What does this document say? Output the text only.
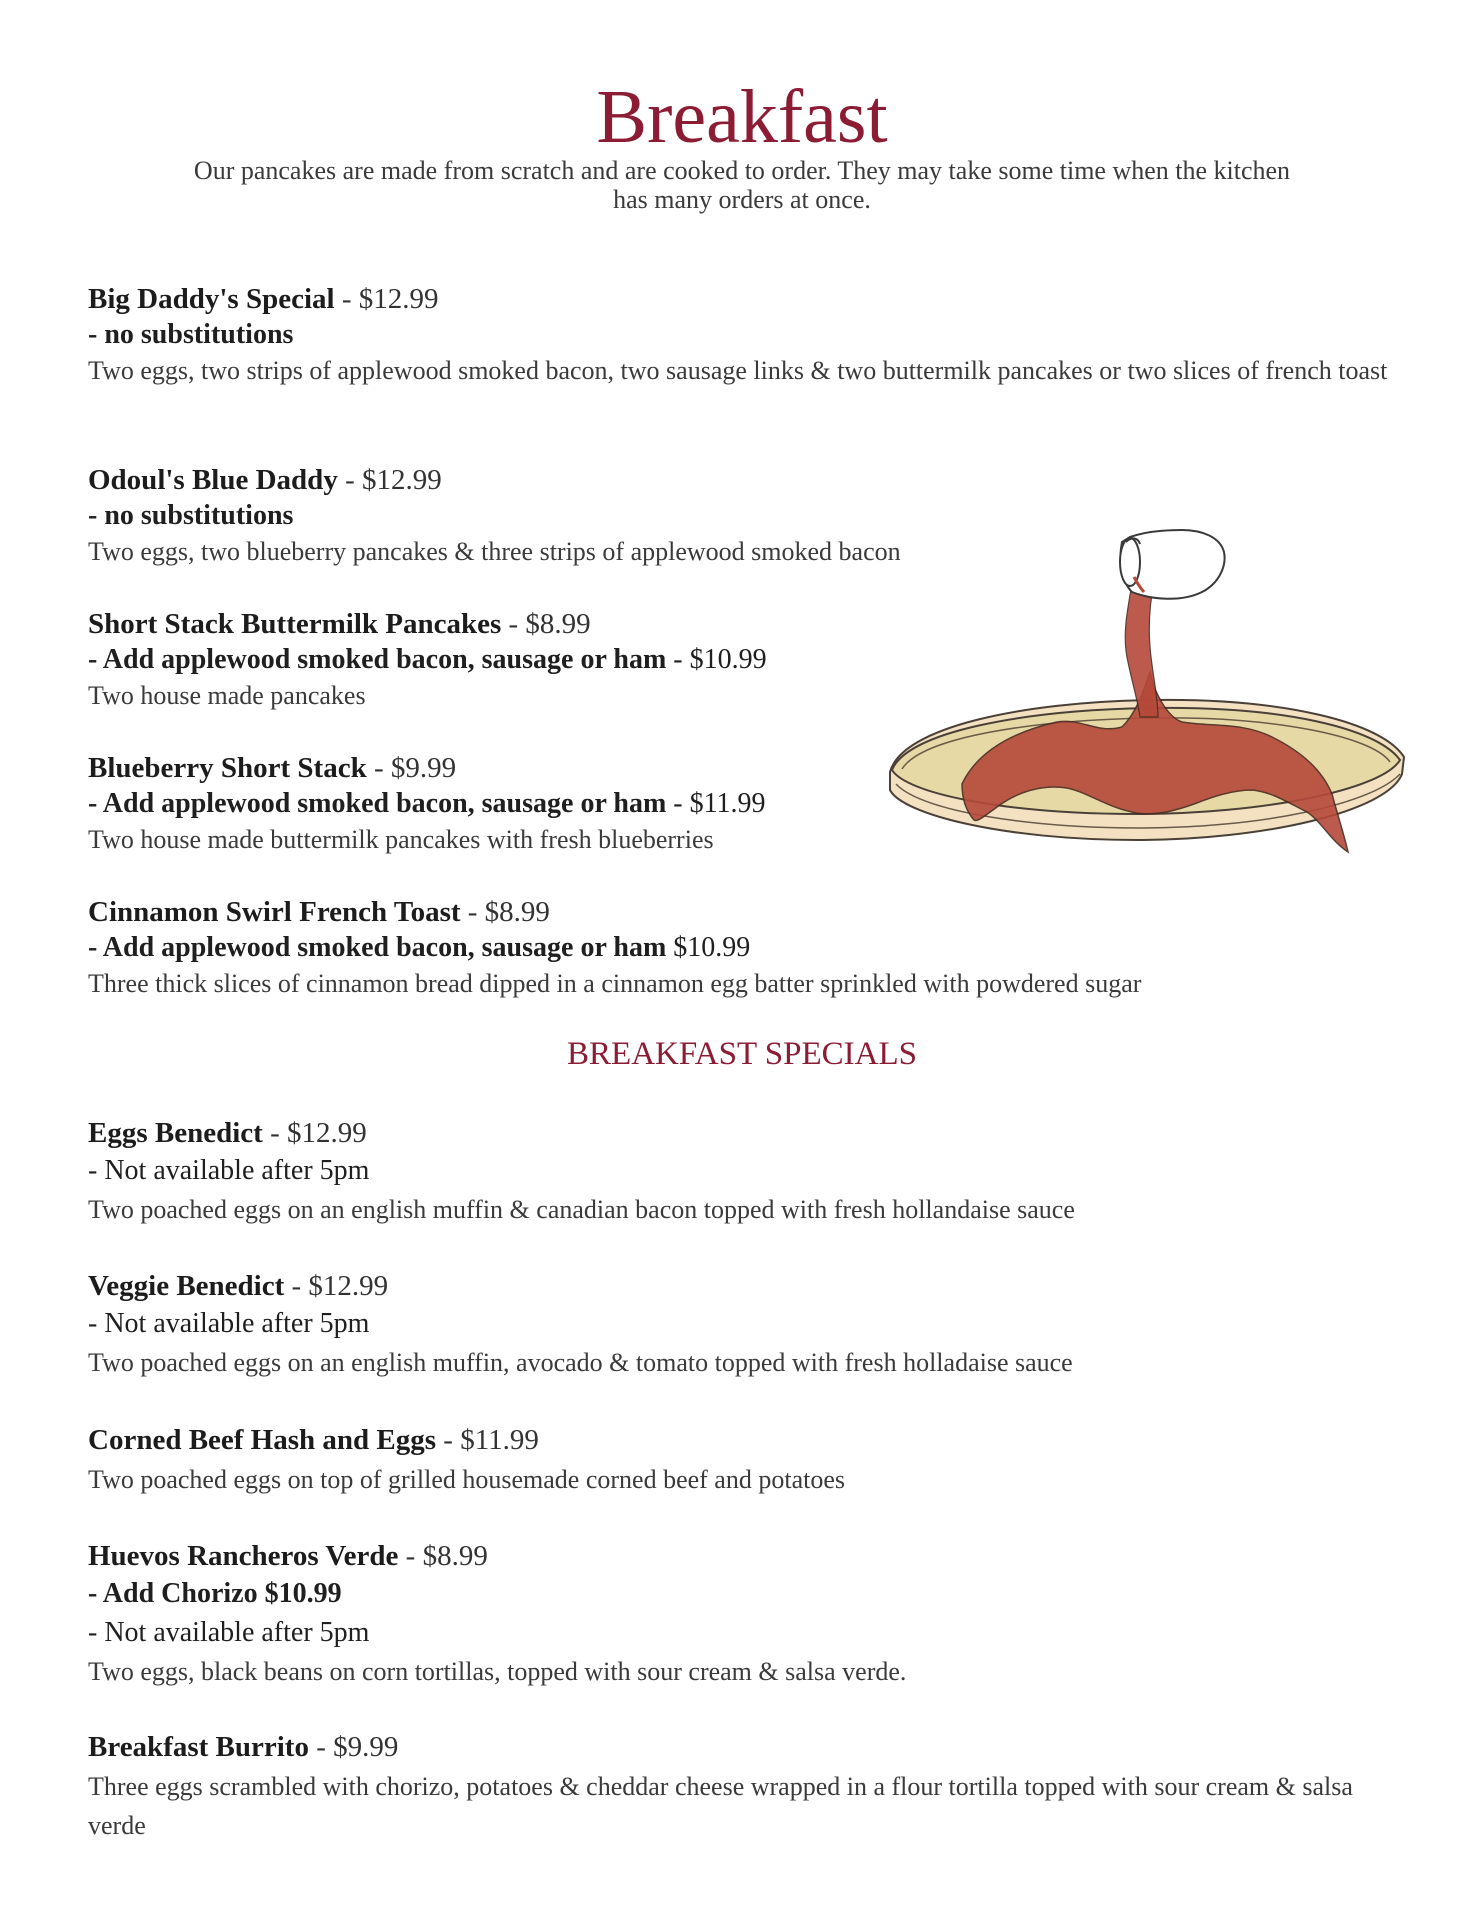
Breakfast
Our pancakes are made from scratch and are cooked to order. They may take some time when the kitchen has many orders at once.
Big Daddy's Special - $12.99
- no substitutions
Two eggs, two strips of applewood smoked bacon, two sausage links & two buttermilk pancakes or two slices of french toast
Odoul's Blue Daddy - $12.99
- no substitutions
Two eggs, two blueberry pancakes & three strips of applewood smoked bacon
Short Stack Buttermilk Pancakes - $8.99
- Add applewood smoked bacon, sausage or ham - $10.99
Two house made pancakes
Blueberry Short Stack - $9.99
- Add applewood smoked bacon, sausage or ham - $11.99
Two house made buttermilk pancakes with fresh blueberries
Cinnamon Swirl French Toast - $8.99
- Add applewood smoked bacon, sausage or ham $10.99
Three thick slices of cinnamon bread dipped in a cinnamon egg batter sprinkled with powdered sugar
BREAKFAST SPECIALS
Eggs Benedict - $12.99
- Not available after 5pm
Two poached eggs on an english muffin & canadian bacon topped with fresh hollandaise sauce
Veggie Benedict - $12.99
- Not available after 5pm
Two poached eggs on an english muffin, avocado & tomato topped with fresh holladaise sauce
Corned Beef Hash and Eggs - $11.99
Two poached eggs on top of grilled housemade corned beef and potatoes
Huevos Rancheros Verde - $8.99
- Add Chorizo $10.99
- Not available after 5pm
Two eggs, black beans on corn tortillas, topped with sour cream & salsa verde.
Breakfast Burrito - $9.99
Three eggs scrambled with chorizo, potatoes & cheddar cheese wrapped in a flour tortilla topped with sour cream & salsa verde
